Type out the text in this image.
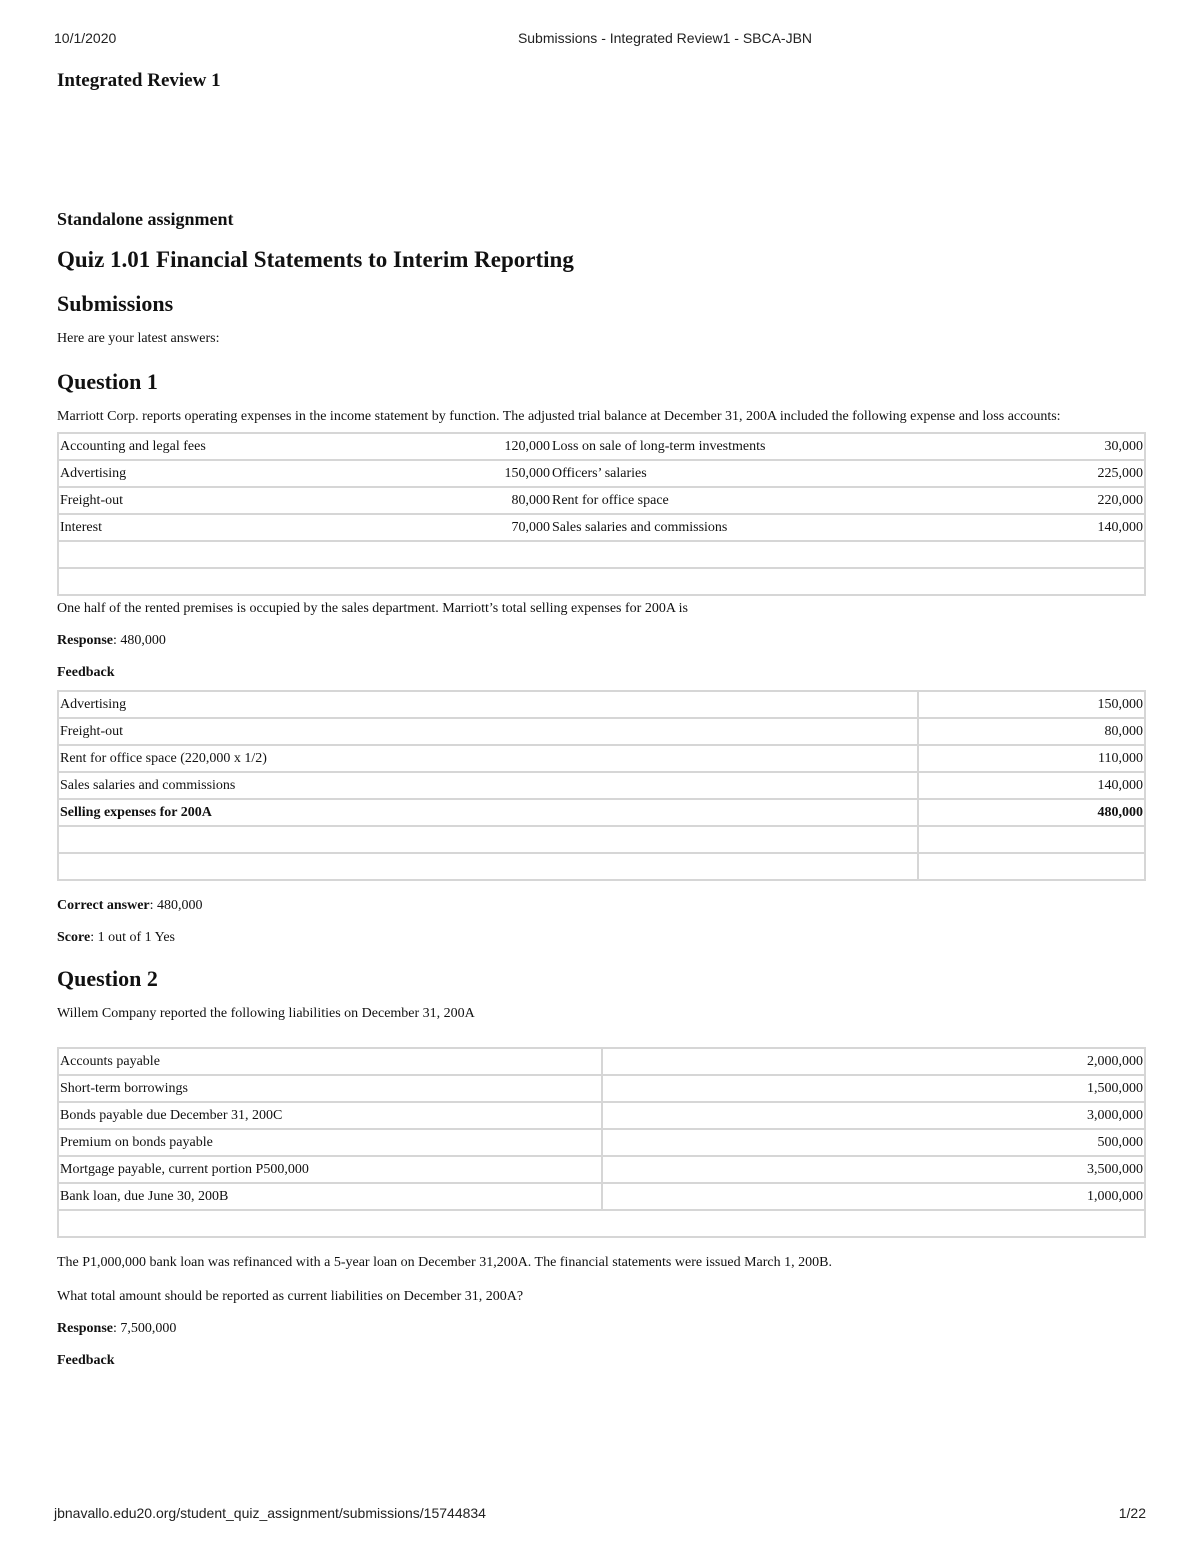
10/1/2020	Submissions - Integrated Review1 - SBCA-JBN
Integrated Review 1
Standalone assignment
Quiz 1.01 Financial Statements to Interim Reporting
Submissions

Here are your latest answers:

Question 1

Marriott Corp. reports operating expenses in the income statement by function. The adjusted trial balance at December 31, 200A included the following expense and loss accounts:

Accounting and legal fees	120,000	Loss on sale of long-term investments	30,000
Advertising	150,000	Officers’ salaries	225,000
Freight-out	80,000	Rent for office space	220,000
Interest	70,000	Sales salaries and commissions	140,000

One half of the rented premises is occupied by the sales department. Marriott’s total selling expenses for 200A is

Response: 480,000
Feedback
Advertising	150,000
Freight-out	80,000
Rent for office space (220,000 x 1/2)	110,000
Sales salaries and commissions	140,000
Selling expenses for 200A	480,000

Correct answer: 480,000
Score: 1 out of 1 Yes
Question 2

Willem Company reported the following liabilities on December 31, 200A

Accounts payable	2,000,000
Short-term borrowings	1,500,000
Bonds payable due December 31, 200C	3,000,000
Premium on bonds payable	500,000
Mortgage payable, current portion P500,000	3,500,000
Bank loan, due June 30, 200B	1,000,000

The P1,000,000 bank loan was refinanced with a 5-year loan on December 31,200A. The financial statements were issued March 1, 200B.

What total amount should be reported as current liabilities on December 31, 200A?

Response: 7,500,000
Feedback
jbnavallo.edu20.org/student_quiz_assignment/submissions/15744834	1/22
